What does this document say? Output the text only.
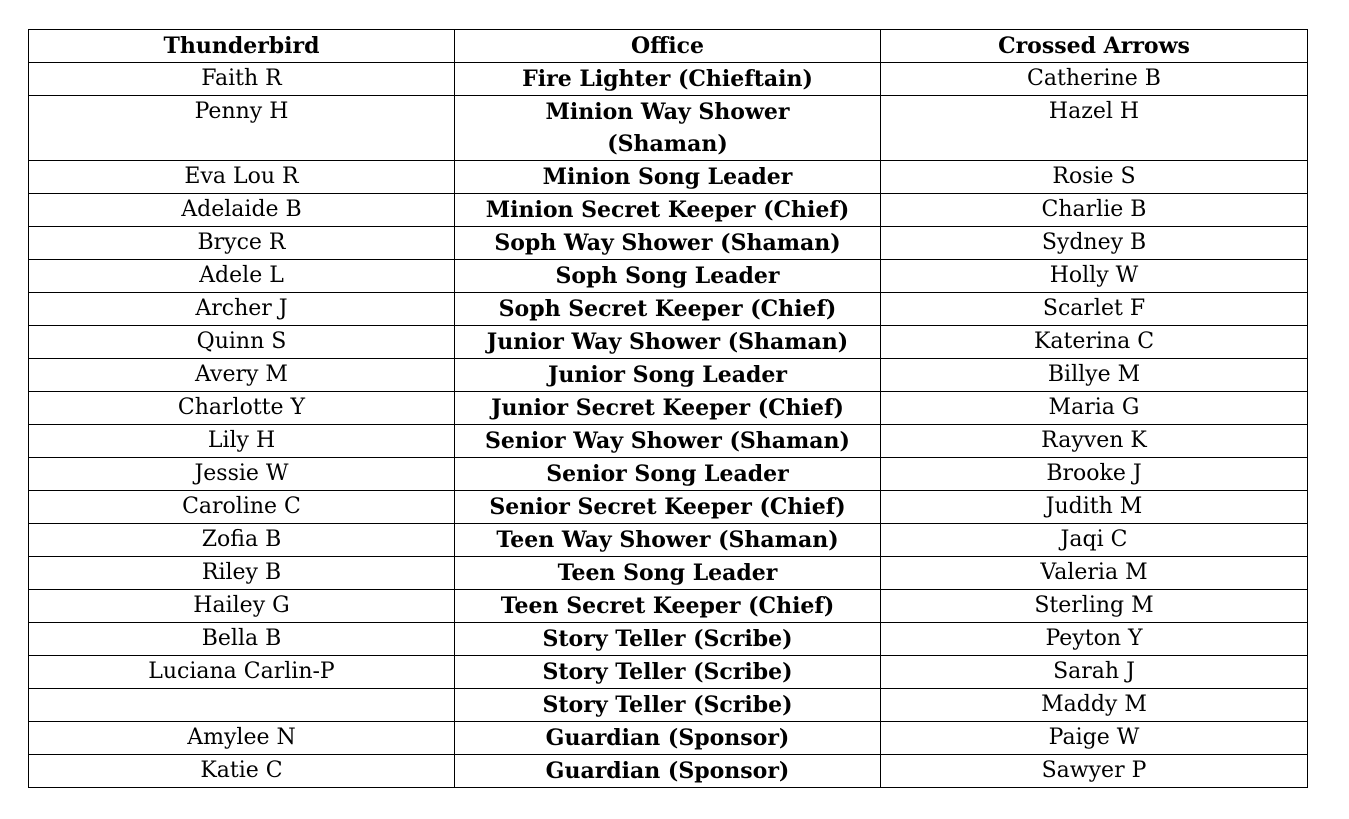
Thunderbird	Office	Crossed Arrows
Faith R	Fire Lighter (Chieftain)	Catherine B
Penny H	Minion Way Shower (Shaman)	Hazel H
Eva Lou R	Minion Song Leader	Rosie S
Adelaide B	Minion Secret Keeper (Chief)	Charlie B
Bryce R	Soph Way Shower (Shaman)	Sydney B
Adele L	Soph Song Leader	Holly W
Archer J	Soph Secret Keeper (Chief)	Scarlet F
Quinn S	Junior Way Shower (Shaman)	Katerina C
Avery M	Junior Song Leader	Billye M
Charlotte Y	Junior Secret Keeper (Chief)	Maria G
Lily H	Senior Way Shower (Shaman)	Rayven K
Jessie W	Senior Song Leader	Brooke J
Caroline C	Senior Secret Keeper (Chief)	Judith M
Zofia B	Teen Way Shower (Shaman)	Jaqi C
Riley B	Teen Song Leader	Valeria M
Hailey G	Teen Secret Keeper (Chief)	Sterling M
Bella B	Story Teller (Scribe)	Peyton Y
Luciana Carlin-P	Story Teller (Scribe)	Sarah J
	Story Teller (Scribe)	Maddy M
Amylee N	Guardian (Sponsor)	Paige W
Katie C	Guardian (Sponsor)	Sawyer P
